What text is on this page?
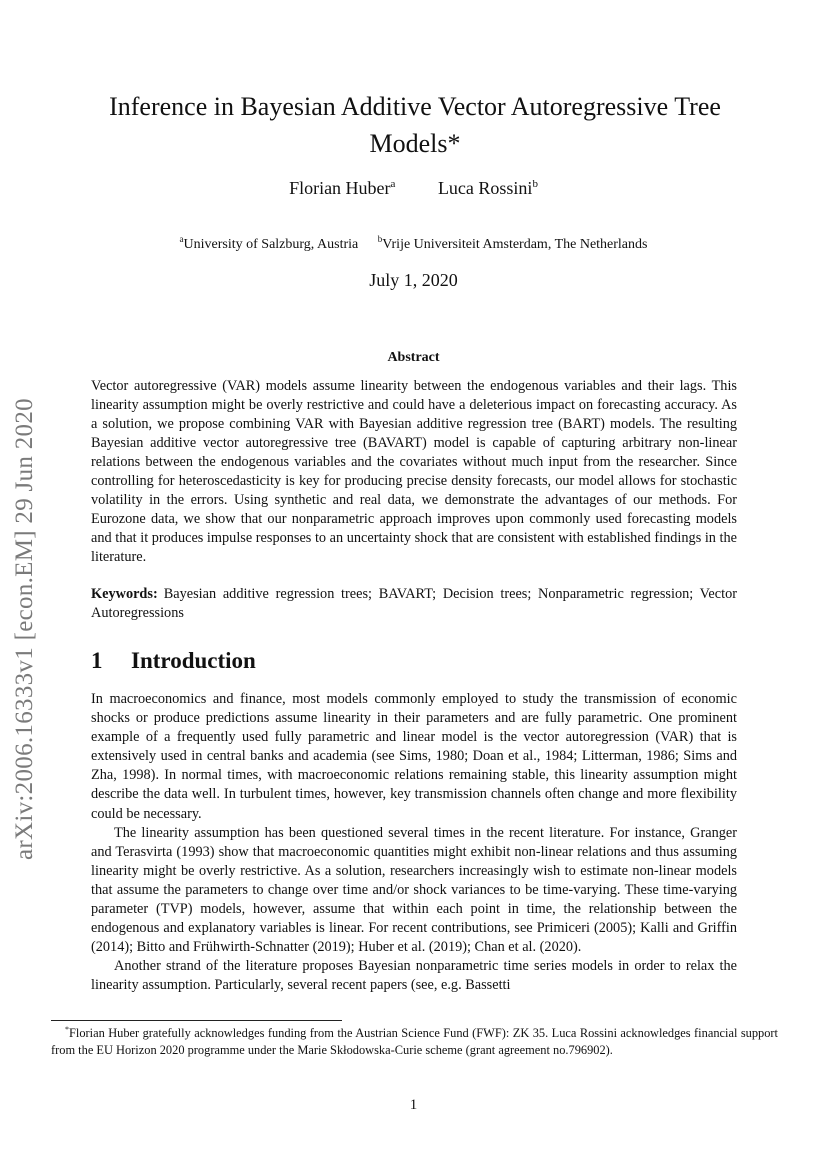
arXiv:2006.16333v1 [econ.EM] 29 Jun 2020
Inference in Bayesian Additive Vector Autoregressive Tree Models*
Florian Huber$^a$ Luca Rossini$^b$
$^a$University of Salzburg, Austria $^b$Vrije Universiteit Amsterdam, The Netherlands
July 1, 2020
Abstract

Vector autoregressive (VAR) models assume linearity between the endogenous variables and their lags. This linearity assumption might be overly restrictive and could have a deleterious impact on forecasting accuracy. As a solution, we propose combining VAR with Bayesian additive regression tree (BART) models. The resulting Bayesian additive vector autoregressive tree (BAVART) model is capable of capturing arbitrary non-linear relations between the endogenous variables and the covariates without much input from the researcher. Since controlling for heteroscedasticity is key for producing precise density forecasts, our model allows for stochastic volatility in the errors. Using synthetic and real data, we demonstrate the advantages of our methods. For Eurozone data, we show that our nonparametric approach improves upon commonly used forecasting models and that it produces impulse responses to an uncertainty shock that are consistent with established findings in the literature.

Keywords: Bayesian additive regression trees; BAVART; Decision trees; Nonparametric regression; Vector Autoregressions

1 Introduction

In macroeconomics and finance, most models commonly employed to study the transmission of economic shocks or produce predictions assume linearity in their parameters and are fully parametric. One prominent example of a frequently used fully parametric and linear model is the vector autoregression (VAR) that is extensively used in central banks and academia (see Sims, 1980; Doan et al., 1984; Litterman, 1986; Sims and Zha, 1998). In normal times, with macroeconomic relations remaining stable, this linearity assumption might describe the data well. In turbulent times, however, key transmission channels often change and more flexibility could be necessary.

The linearity assumption has been questioned several times in the recent literature. For instance, Granger and Terasvirta (1993) show that macroeconomic quantities might exhibit non-linear relations and thus assuming linearity might be overly restrictive. As a solution, researchers increasingly wish to estimate non-linear models that assume the parameters to change over time and/or shock variances to be time-varying. These time-varying parameter (TVP) models, however, assume that within each point in time, the relationship between the endogenous and explanatory variables is linear. For recent contributions, see Primiceri (2005); Kalli and Griffin (2014); Bitto and Frühwirth-Schnatter (2019); Huber et al. (2019); Chan et al. (2020).

Another strand of the literature proposes Bayesian nonparametric time series models in order to relax the linearity assumption. Particularly, several recent papers (see, e.g. Bassetti

*Florian Huber gratefully acknowledges funding from the Austrian Science Fund (FWF): ZK 35. Luca Rossini acknowledges financial support from the EU Horizon 2020 programme under the Marie Skłodowska-Curie scheme (grant agreement no.796902).

1
